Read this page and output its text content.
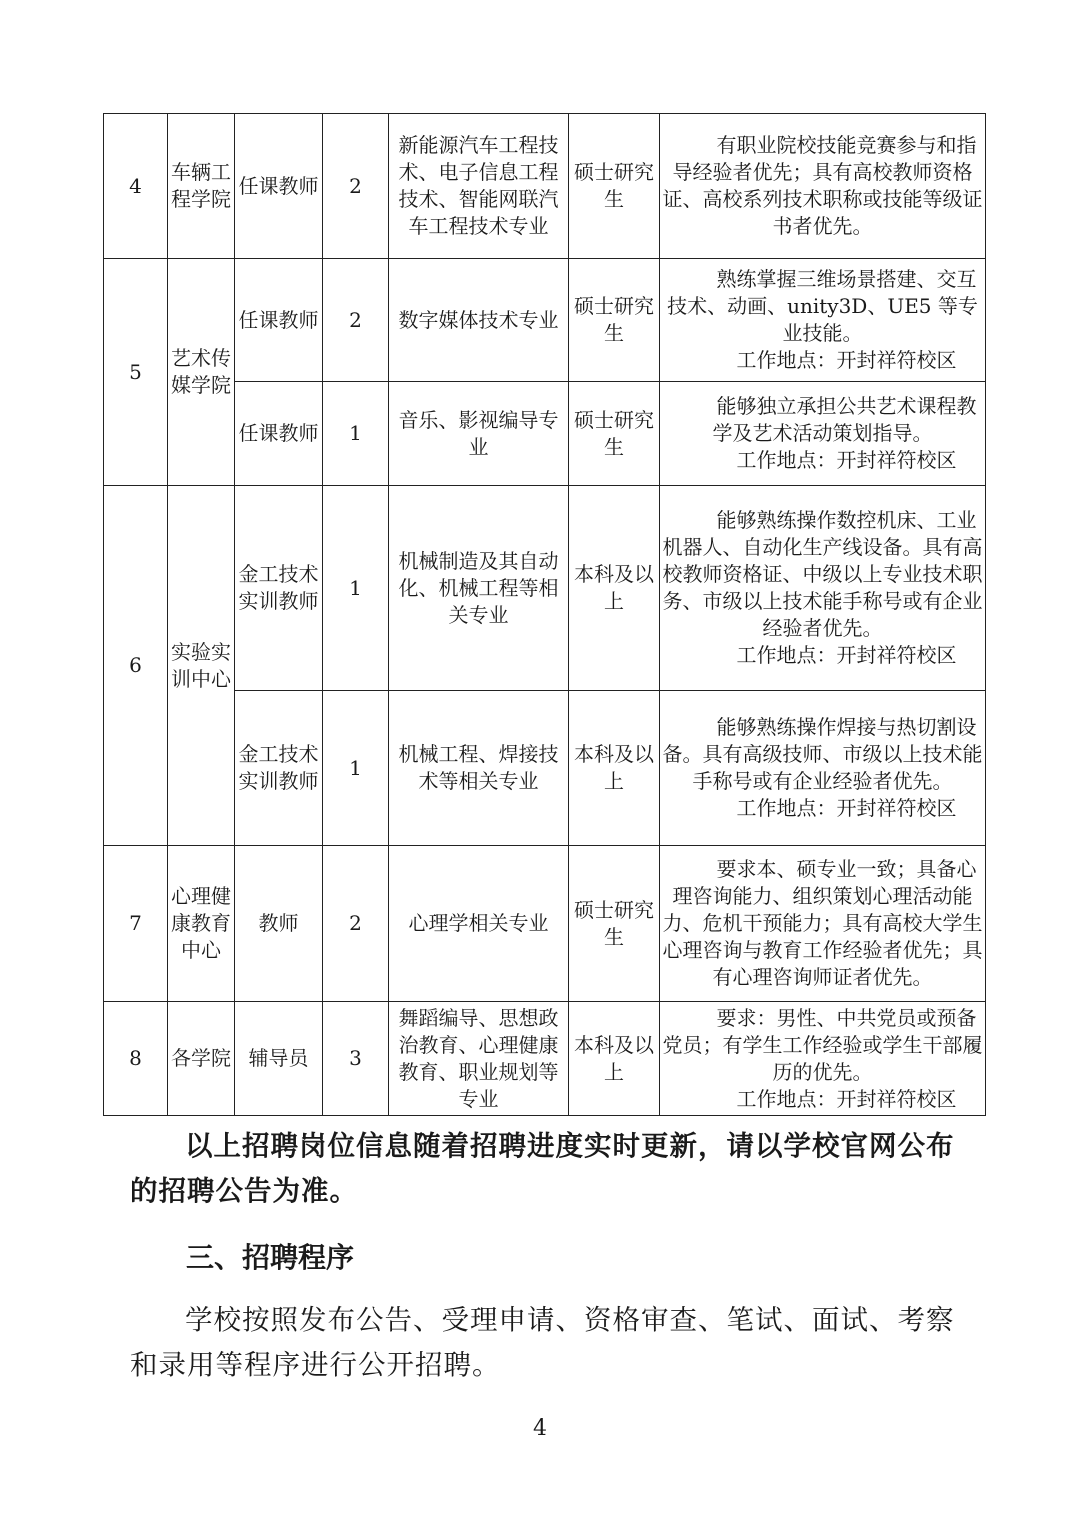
4	车辆工程学院	任课教师	2	新能源汽车工程技术、电子信息工程技术、智能网联汽车工程技术专业	硕士研究生	有职业院校技能竞赛参与和指导经验者优先；具有高校教师资格证、高校系列技术职称或技能等级证书者优先。

5	艺术传媒学院	任课教师	2	数字媒体技术专业	硕士研究生	熟练掌握三维场景搭建、交互技术、动画、unity3D、UE5 等专业技能。
工作地点：开封祥符校区

		任课教师	1	音乐、影视编导专业	硕士研究生	能够独立承担公共艺术课程教学及艺术活动策划指导。
工作地点：开封祥符校区

6	实验实训中心	金工技术实训教师	1	机械制造及其自动化、机械工程等相关专业	本科及以上	能够熟练操作数控机床、工业机器人、自动化生产线设备。具有高校教师资格证、中级以上专业技术职务、市级以上技术能手称号或有企业经验者优先。
工作地点：开封祥符校区

		金工技术实训教师	1	机械工程、焊接技术等相关专业	本科及以上	能够熟练操作焊接与热切割设备。具有高级技师、市级以上技术能手称号或有企业经验者优先。
工作地点：开封祥符校区

7	心理健康教育中心	教师	2	心理学相关专业	硕士研究生	要求本、硕专业一致；具备心理咨询能力、组织策划心理活动能力、危机干预能力；具有高校大学生心理咨询与教育工作经验者优先；具有心理咨询师证者优先。

8	各学院	辅导员	3	舞蹈编导、思想政治教育、心理健康教育、职业规划等专业	本科及以上	要求：男性、中共党员或预备党员；有学生工作经验或学生干部履历的优先。
工作地点：开封祥符校区
以上招聘岗位信息随着招聘进度实时更新，请以学校官网公布的招聘公告为准。
三、招聘程序
学校按照发布公告、受理申请、资格审查、笔试、面试、考察和录用等程序进行公开招聘。
4
